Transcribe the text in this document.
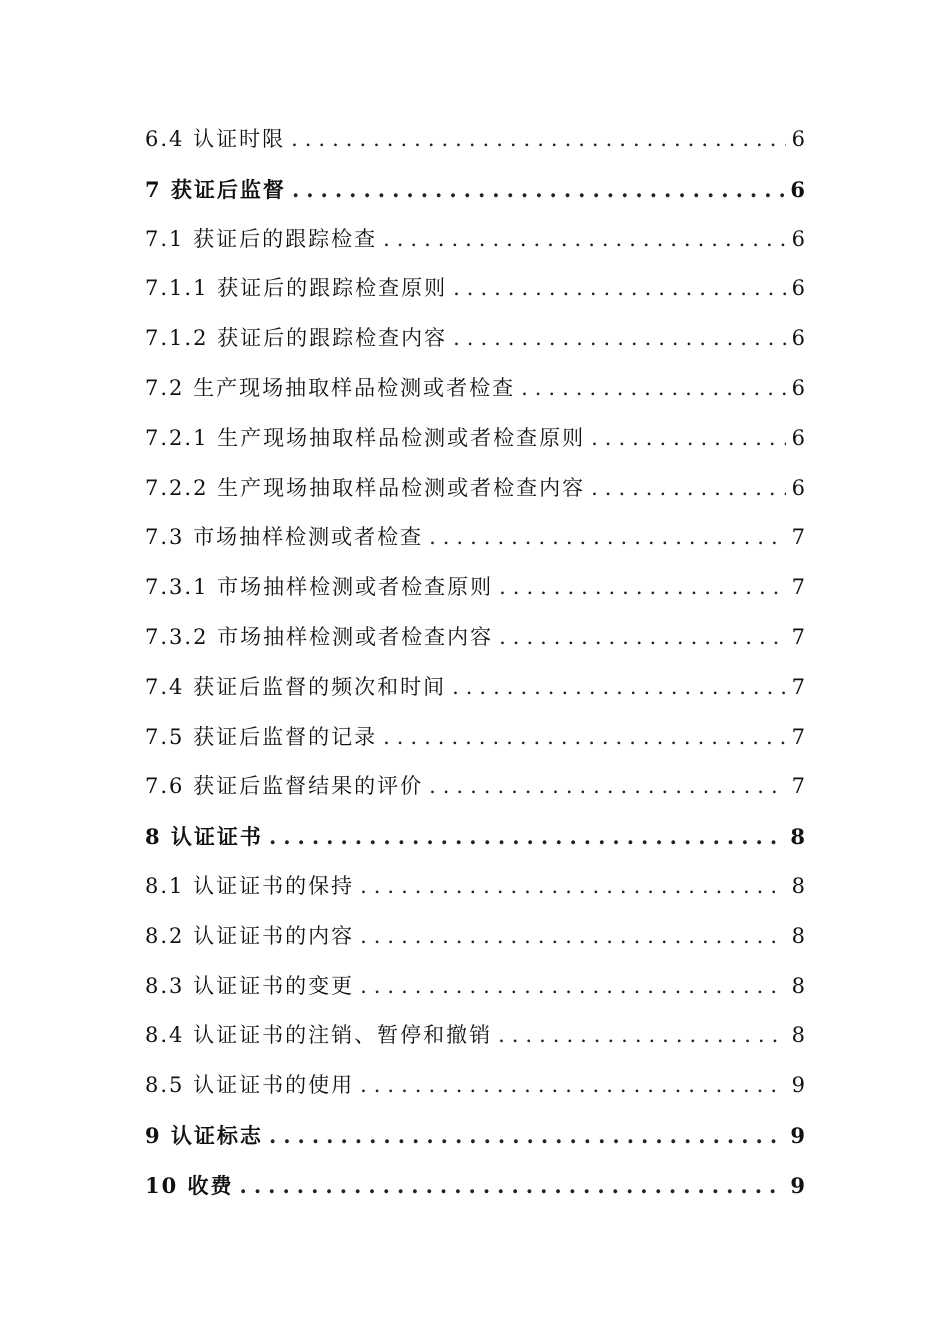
6.4 认证时限 .....	6
7 获证后监督 .....	6
7.1 获证后的跟踪检查 .....	6
7.1.1 获证后的跟踪检查原则 .....	6
7.1.2 获证后的跟踪检查内容 .....	6
7.2 生产现场抽取样品检测或者检查 .....	6
7.2.1 生产现场抽取样品检测或者检查原则 .....	6
7.2.2 生产现场抽取样品检测或者检查内容 .....	6
7.3 市场抽样检测或者检查 .....	7
7.3.1 市场抽样检测或者检查原则 .....	7
7.3.2 市场抽样检测或者检查内容 .....	7
7.4 获证后监督的频次和时间 .....	7
7.5 获证后监督的记录 .....	7
7.6 获证后监督结果的评价 .....	7
8 认证证书 .....	8
8.1 认证证书的保持 .....	8
8.2 认证证书的内容 .....	8
8.3 认证证书的变更 .....	8
8.4 认证证书的注销、暂停和撤销 .....	8
8.5 认证证书的使用 .....	9
9 认证标志 .....	9
10 收费 .....	9
